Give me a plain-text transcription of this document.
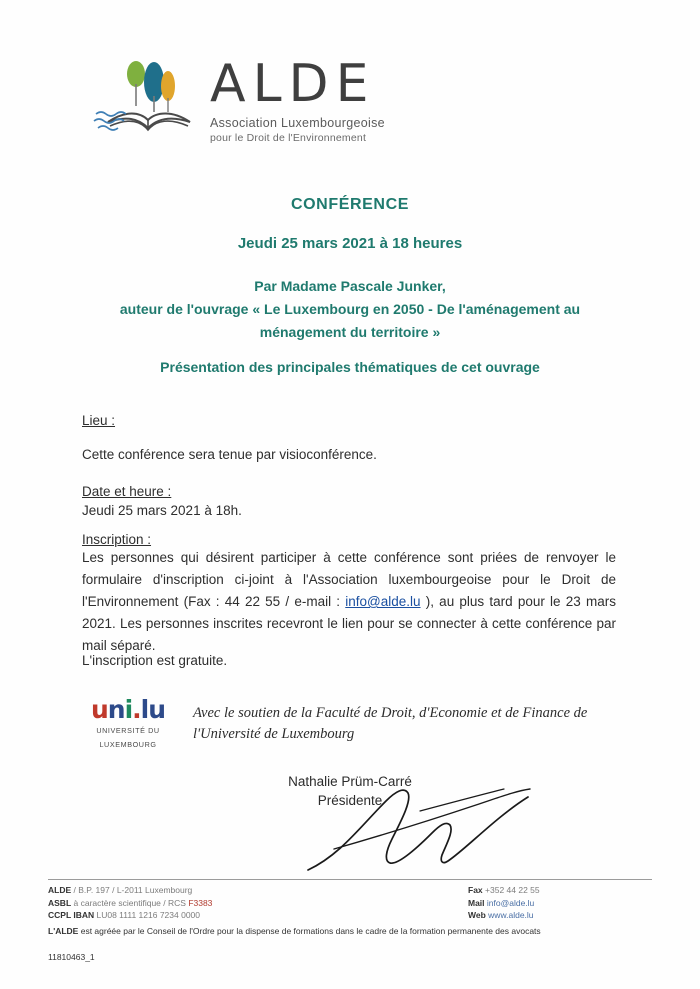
ALDE
Association Luxembourgeoise
pour le Droit de l'Environnement
CONFÉRENCE
Jeudi 25 mars 2021 à 18 heures
Par Madame Pascale Junker,
auteur de l'ouvrage « Le Luxembourg en 2050 - De l'aménagement au ménagement du territoire »
Présentation des principales thématiques de cet ouvrage
Lieu :
Cette conférence sera tenue par visioconférence.
Date et heure :
Jeudi 25 mars 2021 à 18h.
Inscription :
Les personnes qui désirent participer à cette conférence sont priées de renvoyer le formulaire d'inscription ci-joint à l'Association luxembourgeoise pour le Droit de l'Environnement (Fax : 44 22 55 / e-mail : info@alde.lu ), au plus tard pour le 23 mars 2021. Les personnes inscrites recevront le lien pour se connecter à cette conférence par mail séparé.
L'inscription est gratuite.
uni.lu
UNIVERSITÉ DU
LUXEMBOURG
Avec le soutien de la Faculté de Droit, d'Economie et de Finance de l'Université de Luxembourg
Nathalie Prüm-Carré
Présidente
ALDE / B.P. 197 / L-2011 Luxembourg
ASBL à caractère scientifique / RCS F3383
CCPL IBAN LU08 1111 1216 7234 0000
Fax +352 44 22 55
Mail info@alde.lu
Web www.alde.lu
L'ALDE est agréée par le Conseil de l'Ordre pour la dispense de formations dans le cadre de la formation permanente des avocats
11810463_1
